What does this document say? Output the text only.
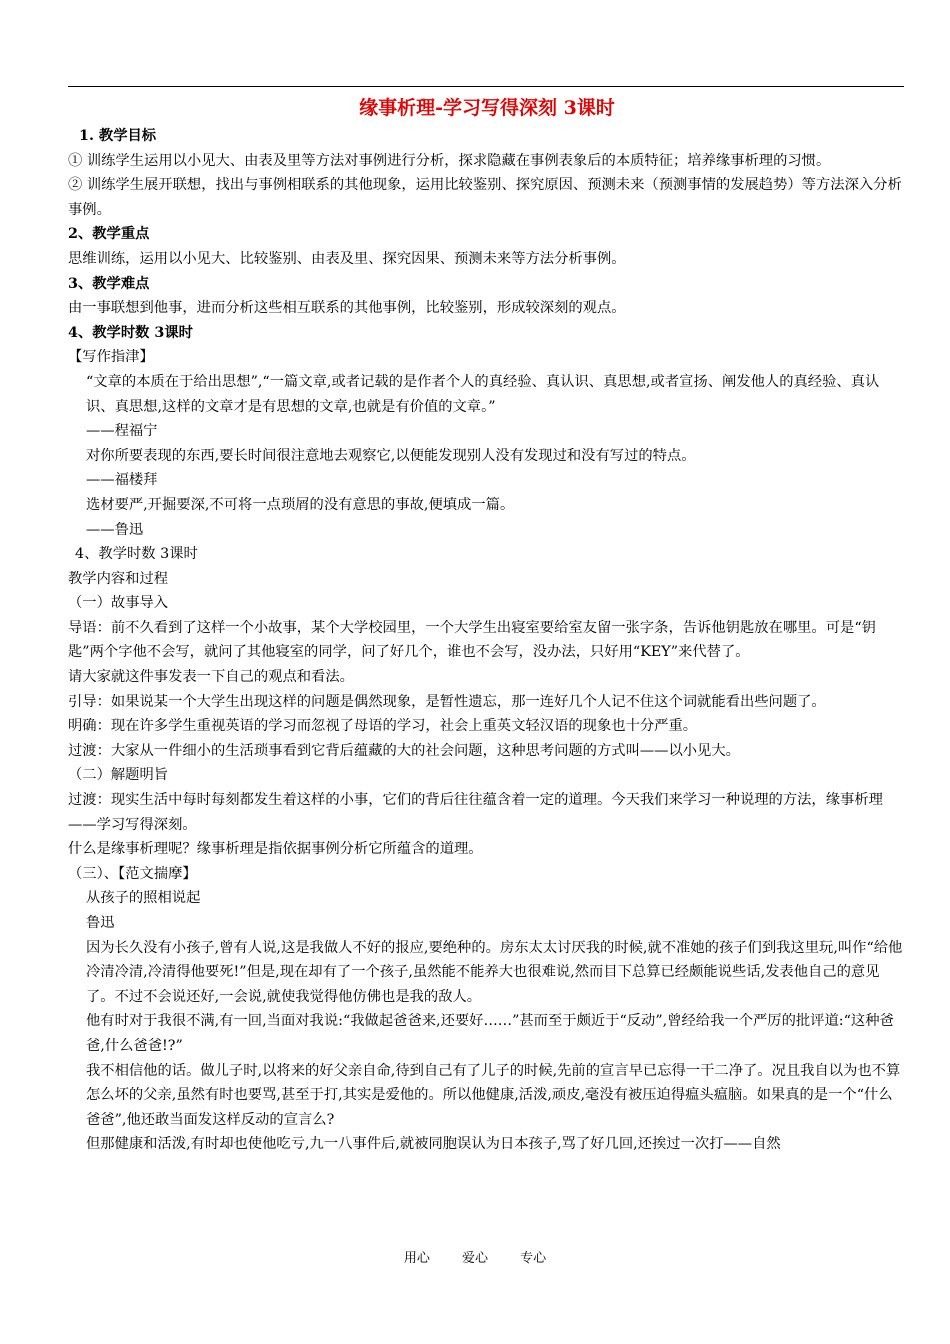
缘事析理-学习写得深刻 3课时

1. 教学目标

① 训练学生运用以小见大、由表及里等方法对事例进行分析，探求隐藏在事例表象后的本质特征；培养缘事析理的习惯。

② 训练学生展开联想，找出与事例相联系的其他现象，运用比较鉴别、探究原因、预测未来（预测事情的发展趋势）等方法深入分析事例。

2、教学重点

思维训练，运用以小见大、比较鉴别、由表及里、探究因果、预测未来等方法分析事例。

3、教学难点

由一事联想到他事，进而分析这些相互联系的其他事例，比较鉴别，形成较深刻的观点。

4、教学时数 3课时

【写作指津】

“文章的本质在于给出思想”,“一篇文章,或者记载的是作者个人的真经验、真认识、真思想,或者宣扬、阐发他人的真经验、真认识、真思想,这样的文章才是有思想的文章,也就是有价值的文章。”

——程福宁

对你所要表现的东西,要长时间很注意地去观察它,以便能发现别人没有发现过和没有写过的特点。

——福楼拜

选材要严,开掘要深,不可将一点琐屑的没有意思的事故,便填成一篇。

——鲁迅

4、教学时数 3课时

教学内容和过程

（一）故事导入

导语：前不久看到了这样一个小故事，某个大学校园里，一个大学生出寝室要给室友留一张字条，告诉他钥匙放在哪里。可是“钥匙”两个字他不会写，就问了其他寝室的同学，问了好几个，谁也不会写，没办法，只好用“KEY”来代替了。

请大家就这件事发表一下自己的观点和看法。

引导：如果说某一个大学生出现这样的问题是偶然现象，是暂性遗忘，那一连好几个人记不住这个词就能看出些问题了。

明确：现在许多学生重视英语的学习而忽视了母语的学习，社会上重英文轻汉语的现象也十分严重。

过渡：大家从一件细小的生活琐事看到它背后蕴藏的大的社会问题，这种思考问题的方式叫——以小见大。

（二）解题明旨

过渡：现实生活中每时每刻都发生着这样的小事，它们的背后往往蕴含着一定的道理。今天我们来学习一种说理的方法，缘事析理——学习写得深刻。

什么是缘事析理呢？缘事析理是指依据事例分析它所蕴含的道理。

（三）、【范文揣摩】

从孩子的照相说起

鲁迅

因为长久没有小孩子,曾有人说,这是我做人不好的报应,要绝种的。房东太太讨厌我的时候,就不准她的孩子们到我这里玩,叫作“给他冷清冷清,冷清得他要死!”但是,现在却有了一个孩子,虽然能不能养大也很难说,然而目下总算已经颇能说些话,发表他自己的意见了。不过不会说还好,一会说,就使我觉得他仿佛也是我的敌人。

他有时对于我很不满,有一回,当面对我说:“我做起爸爸来,还要好……”甚而至于颇近于“反动”,曾经给我一个严厉的批评道:“这种爸爸,什么爸爸!?”

我不相信他的话。做儿子时,以将来的好父亲自命,待到自己有了儿子的时候,先前的宣言早已忘得一干二净了。况且我自以为也不算怎么坏的父亲,虽然有时也要骂,甚至于打,其实是爱他的。所以他健康,活泼,顽皮,毫没有被压迫得瘟头瘟脑。如果真的是一个“什么爸爸”,他还敢当面发这样反动的宣言么?

但那健康和活泼,有时却也使他吃亏,九一八事件后,就被同胞误认为日本孩子,骂了好几回,还挨过一次打——自然

用心 爱心 专心
